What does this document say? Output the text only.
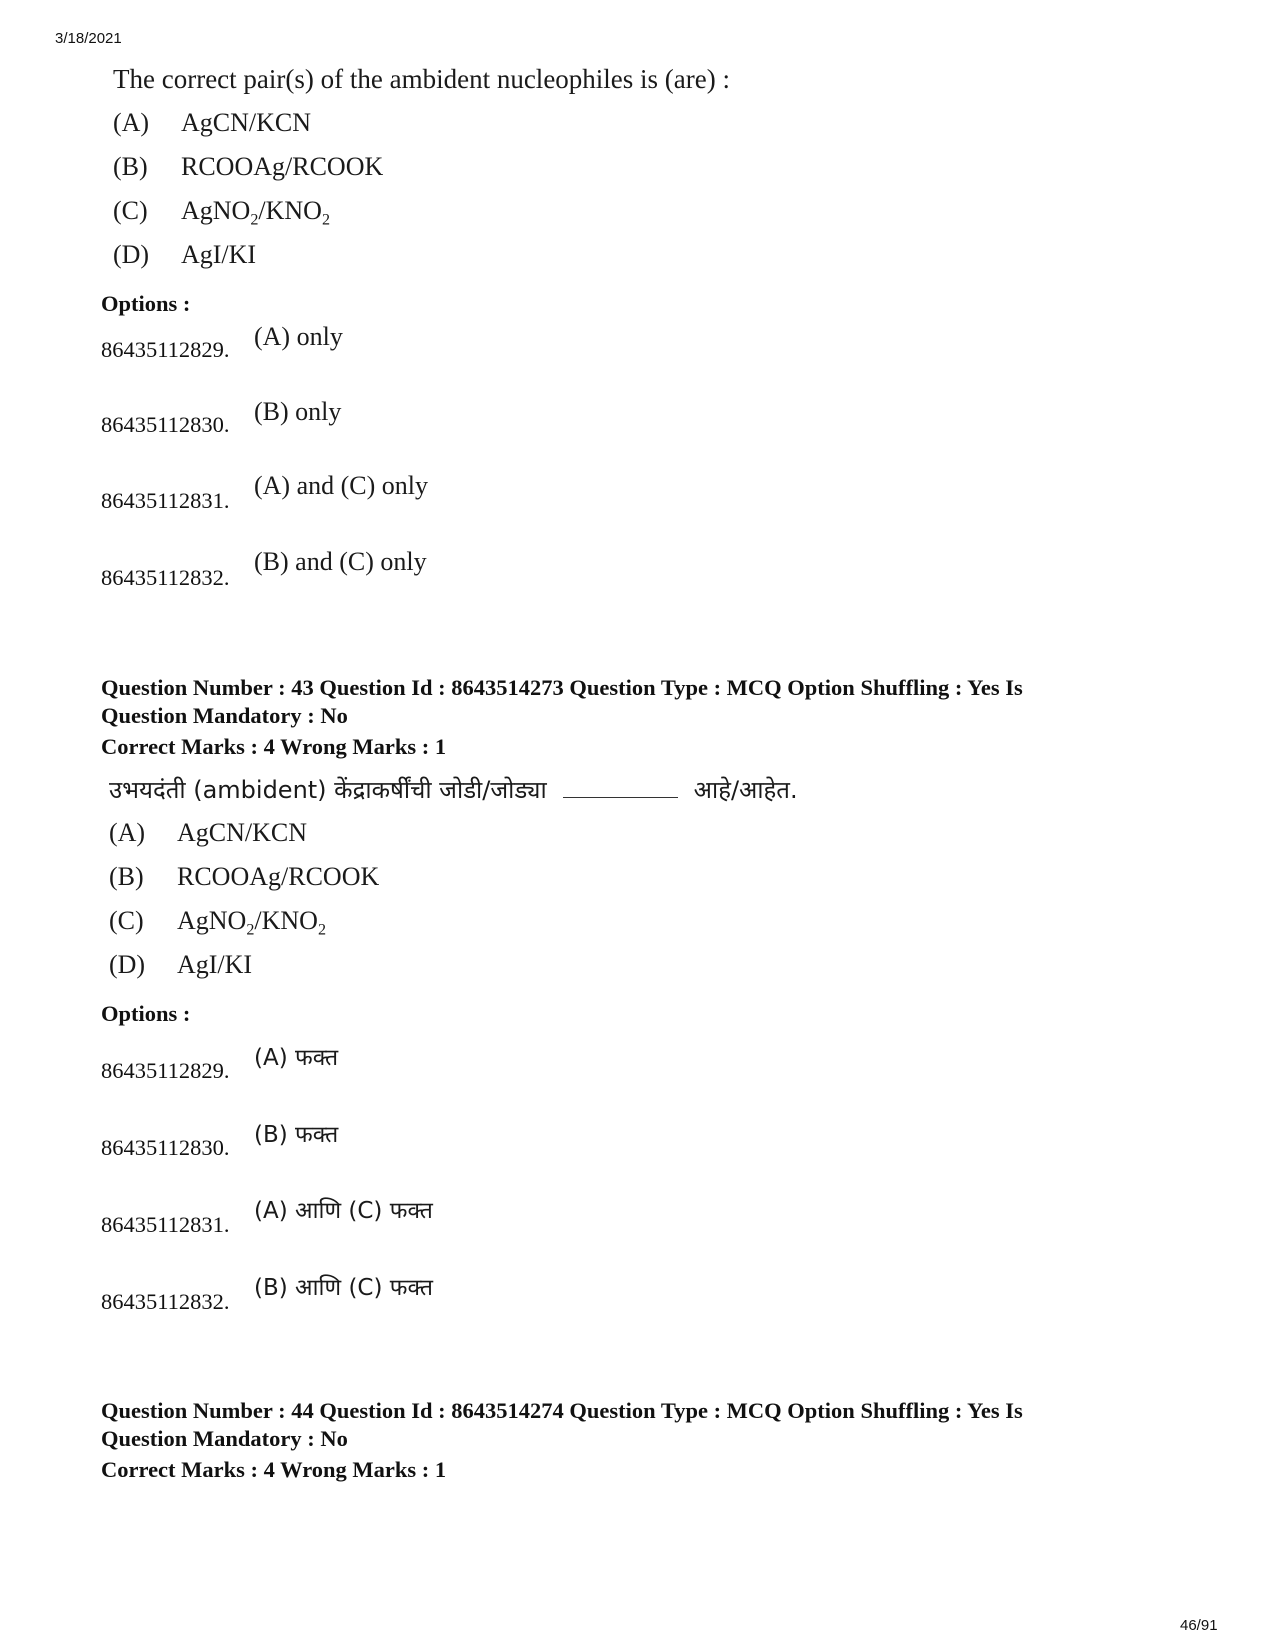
3/18/2021
The correct pair(s) of the ambident nucleophiles is (are) :
(A) AgCN/KCN
(B) RCOOAg/RCOOK
(C) $AgNO_2/KNO_2$
(D) AgI/KI
Options :
86435112829. (A) only
86435112830. (B) only
86435112831.
(A) and (C) only
86435112832.
(B) and (C) only
Question Number : 43 Question Id : 8643514273 Question Type : MCQ Option Shuffling : Yes Is
Question Mandatory : No
Correct Marks : 4 Wrong Marks : 1
उभयदंती (ambident) केंद्राकर्षींची जोडी/जोड्या	आहे/आहेत.
(A) AgCN/KCN
(B) RCOOAg/RCOOK
(C) $AgNO_2/KNO_2$
(D) AgI/KI
Options :
86435112829. (A) फक्त
86435112830. (B) फक्त
86435112831.
(A) आणि (C) फक्त
86435112832.
(B) आणि (C) फक्त
Question Number : 44 Question Id : 8643514274 Question Type : MCQ Option Shuffling : Yes Is
Question Mandatory : No
Correct Marks : 4 Wrong Marks : 1
46/91
